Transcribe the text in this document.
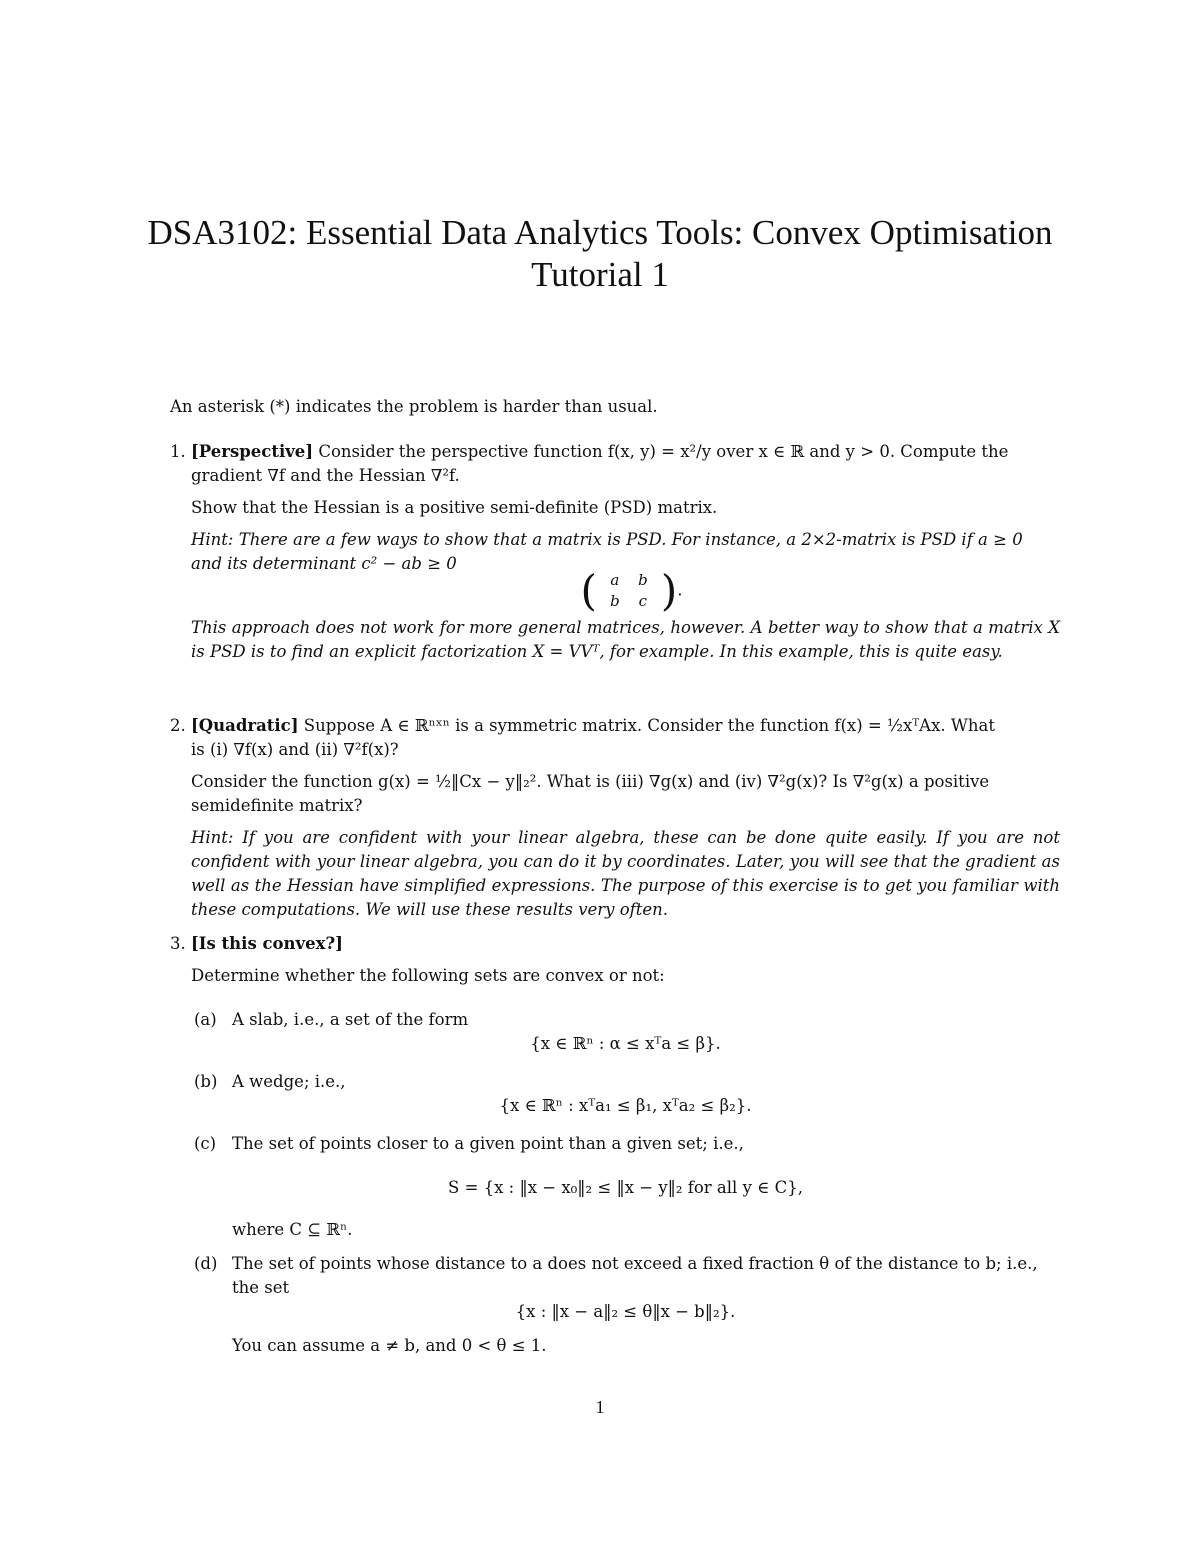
DSA3102: Essential Data Analytics Tools: Convex Optimisation
Tutorial 1

An asterisk (*) indicates the problem is harder than usual.

1. [Perspective] Consider the perspective function f(x, y) = x²/y over x ∈ ℝ and y > 0. Compute the

gradient ∇f and the Hessian ∇²f.

Show that the Hessian is a positive semi-definite (PSD) matrix.

Hint: There are a few ways to show that a matrix is PSD. For instance, a 2×2-matrix is PSD if a ≥ 0

and its determinant c² − ab ≥ 0

( a	b
b	c ) .

This approach does not work for more general matrices, however. A better way to show that a matrix X is PSD is to find an explicit factorization X = VVᵀ, for example. In this example, this is quite easy.

2. [Quadratic] Suppose A ∈ ℝⁿˣⁿ is a symmetric matrix. Consider the function f(x) = ½xᵀAx. What

is (i) ∇f(x) and (ii) ∇²f(x)?

Consider the function g(x) = ½‖Cx − y‖₂². What is (iii) ∇g(x) and (iv) ∇²g(x)? Is ∇²g(x) a positive

semidefinite matrix?

Hint: If you are confident with your linear algebra, these can be done quite easily. If you are not confident with your linear algebra, you can do it by coordinates. Later, you will see that the gradient as well as the Hessian have simplified expressions. The purpose of this exercise is to get you familiar with these computations. We will use these results very often.

3. [Is this convex?]

Determine whether the following sets are convex or not:

(a) A slab, i.e., a set of the form

{x ∈ ℝⁿ : α ≤ xᵀa ≤ β}.

(b) A wedge; i.e.,

{x ∈ ℝⁿ : xᵀa₁ ≤ β₁, xᵀa₂ ≤ β₂}.

(c) The set of points closer to a given point than a given set; i.e.,

S = {x : ‖x − x₀‖₂ ≤ ‖x − y‖₂ for all y ∈ C},

where C ⊆ ℝⁿ.

(d) The set of points whose distance to a does not exceed a fixed fraction θ of the distance to b; i.e., the set

{x : ‖x − a‖₂ ≤ θ‖x − b‖₂}.

You can assume a ≠ b, and 0 < θ ≤ 1.

1
